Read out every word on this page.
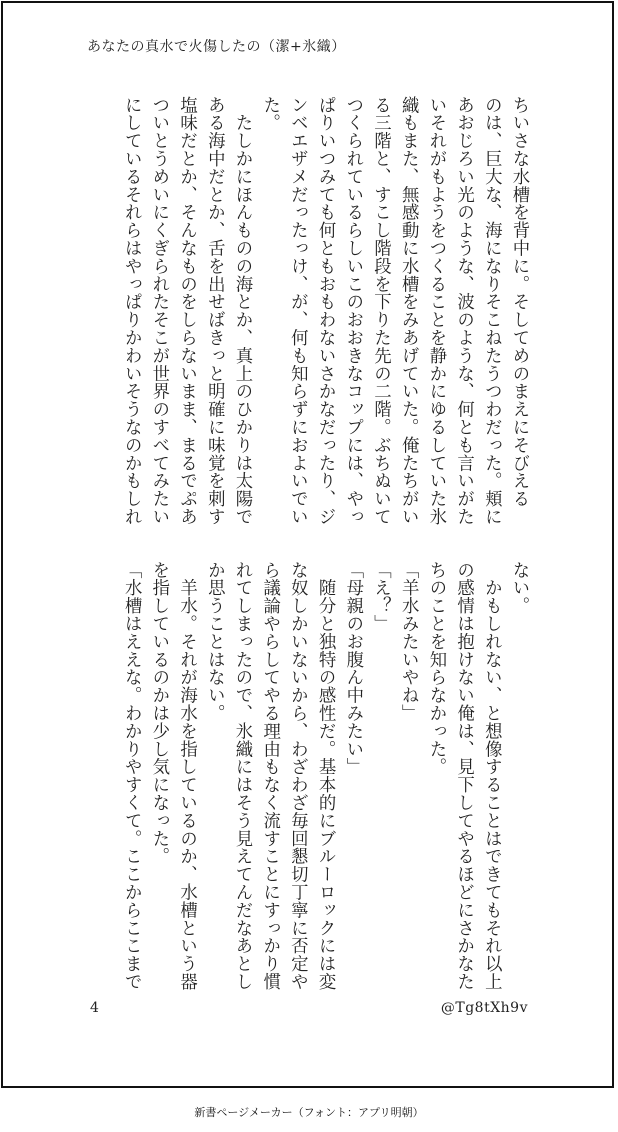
あなたの真水で火傷したの（潔+氷織）
ちいさな水槽を背中に。そしてめのまえにそびえる
のは、巨大な、海になりそこねたうつわだった。頬に
あおじろい光のような、波のような、何とも言いがた
いそれがもようをつくることを静かにゆるしていた氷
織もまた、無感動に水槽をみあげていた。俺たちがい
る三階と、すこし階段を下りた先の二階。ぶちぬいて
つくられているらしいこのおおきなコップには、やっ
ぱりいつみても何ともおもわないさかなだったり、ジ
ンベエザメだったっけ、が、何も知らずにおよいでい
た。
　たしかにほんものの海とか、真上のひかりは太陽で
ある海中だとか、舌を出せばきっと明確に味覚を刺す
塩味だとか、そんなものをしらないまま、まるでぷあ
ついとうめいにくぎられたそこが世界のすべてみたい
にしているそれらはやっぱりかわいそうなのかもしれ
ない。
　かもしれない、と想像することはできてもそれ以上
の感情は抱けない俺は、見下してやるほどにさかなた
ちのことを知らなかった。
「羊水みたいやね」
「え？」
「母親のお腹ん中みたい」
　随分と独特の感性だ。基本的にブルーロックには変
な奴しかいないから、わざわざ毎回懇切丁寧に否定や
ら議論やらしてやる理由もなく流すことにすっかり慣
れてしまったので、氷織にはそう見えてんだなあとし
か思うことはない。
　羊水。それが海水を指しているのか、水槽という器
を指しているのかは少し気になった。
「水槽はええな。わかりやすくて。ここからここまで
4	@Tg8tXh9v
新書ページメーカー（フォント：アプリ明朝）
